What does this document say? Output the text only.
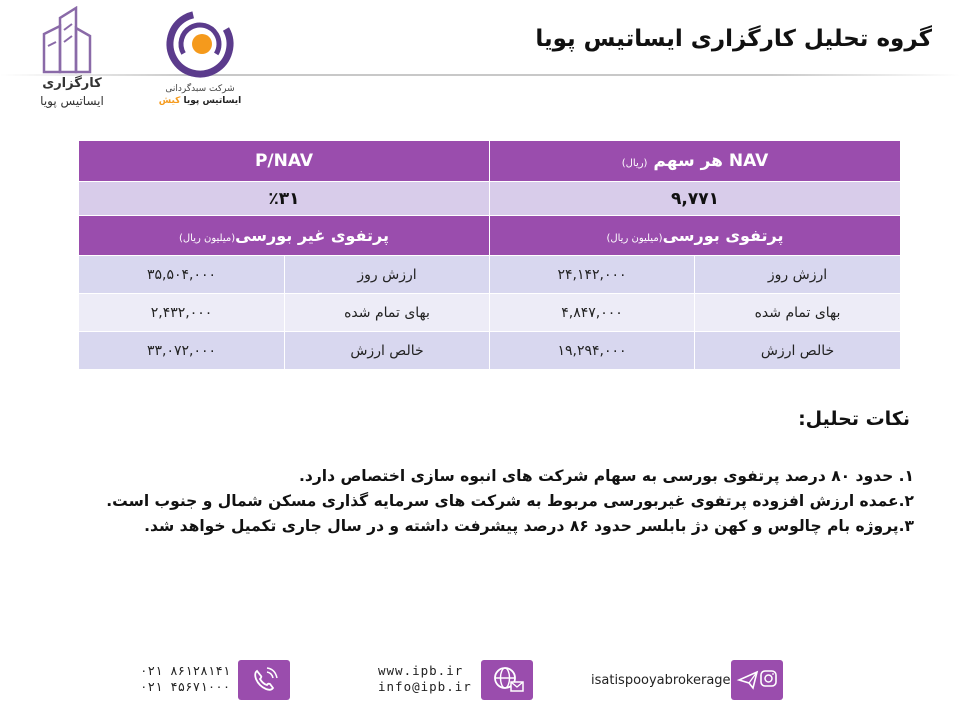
گروه تحلیل کارگزاری ایساتیس پویا
کارگزاری
ایساتیس پویا
شرکت سبدگردانی
ایساتیس پویا کیش
NAV هر سهم (ریال)		P/NAV	
۹,۷۷۱		٪۳۱	
پرتفوی بورسی(میلیون ریال)		پرتفوی غیر بورسی(میلیون ریال)	
ارزش روز	۲۴,۱۴۲,۰۰۰	ارزش روز	۳۵,۵۰۴,۰۰۰
بهای تمام شده	۴,۸۴۷,۰۰۰	بهای تمام شده	۲,۴۳۲,۰۰۰
خالص ارزش	۱۹,۲۹۴,۰۰۰	خالص ارزش	۳۳,۰۷۲,۰۰۰
نکات تحلیل:
۱. حدود ۸۰ درصد پرتفوی بورسی به سهام شرکت های انبوه سازی اختصاص دارد.
۲.عمده ارزش افزوده پرتفوی غیربورسی مربوط به شرکت های سرمایه گذاری مسکن شمال و جنوب است.
۳.پروژه بام چالوس و کهن دژ بابلسر حدود ۸۶ درصد پیشرفت داشته و در سال جاری تکمیل خواهد شد.
۰۲۱ ۸۶۱۲۸۱۴۱
۰۲۱ ۴۵۶۷۱۰۰۰
www.ipb.ir
info@ipb.ir	isatispooyabrokerage
